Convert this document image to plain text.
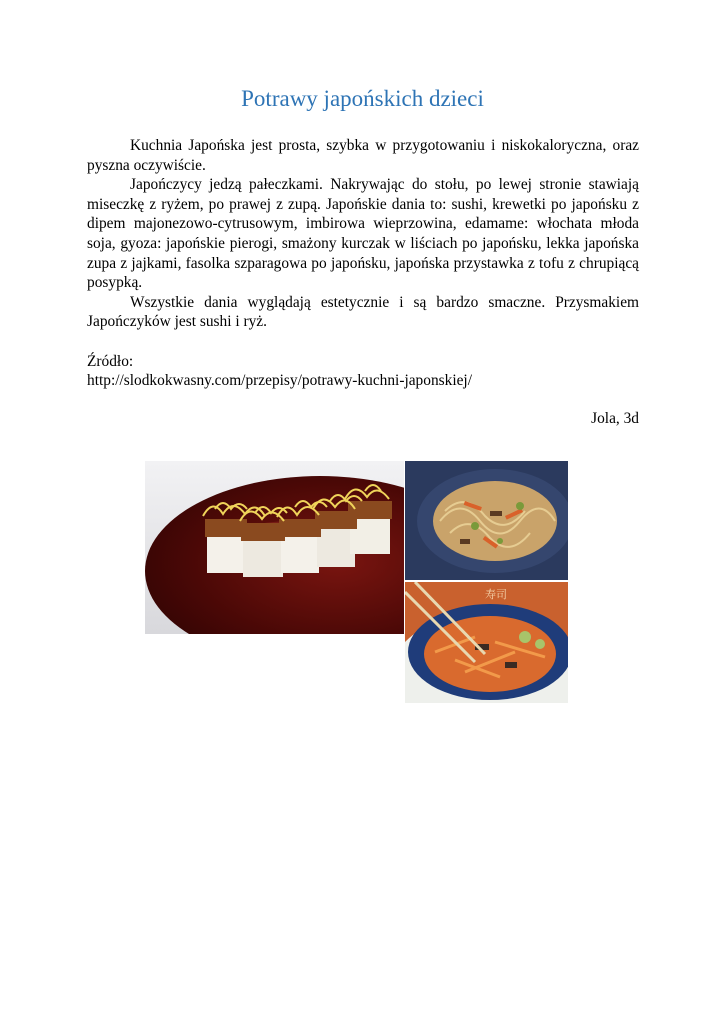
Potrawy japońskich dzieci

Kuchnia Japońska jest prosta, szybka w przygotowaniu i niskokaloryczna, oraz pyszna oczywiście.

Japończycy jedzą pałeczkami. Nakrywając do stołu, po lewej stronie stawiają miseczkę z ryżem, po prawej z zupą. Japońskie dania to: sushi, krewetki po japońsku z dipem majonezowo-cytrusowym, imbirowa wieprzowina, edamame: włochata młoda soja, gyoza: japońskie pierogi, smażony kurczak w liściach po japońsku, lekka japońska zupa z jajkami, fasolka szparagowa po japońsku, japońska przystawka z tofu z chrupiącą posypką.

Wszystkie dania wyglądają estetycznie i są bardzo smaczne. Przysmakiem Japończyków jest sushi i ryż.

Źródło:

http://slodkokwasny.com/przepisy/potrawy-kuchni-japonskiej/

Jola, 3d
寿司
